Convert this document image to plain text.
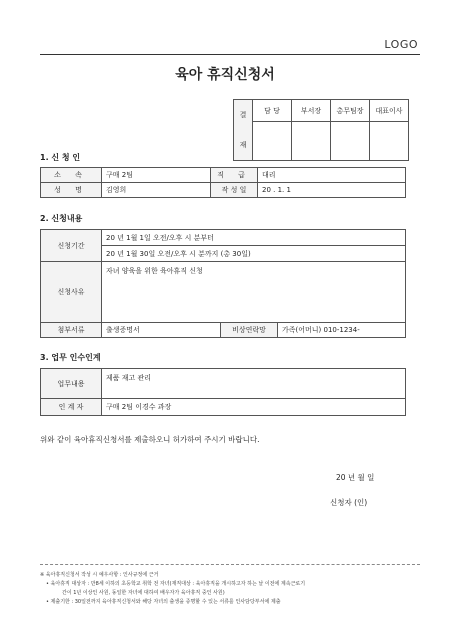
LOGO
육아 휴직신청서
결
재	담 당	부서장	총무팀장	대표이사

1. 신 청 인
소 속	구매 2팀	직 급	대리
성 명	김영희	작 성 일	20 . 1. 1
2. 신청내용
신청기간	20 년 1월 1일 오전/오후 시 분부터		
	20 년 1월 30일 오전/오후 시 분까지 (총 30일)		
신청사유	자녀 양육을 위한 육아휴직 신청		
첨부서류	출생증명서	비상연락망	가족(어머니) 010-1234-
3. 업무 인수인계
업무내용	제품 재고 관리
인 계 자	구매 2팀 이경수 과장
위와 같이 육아휴직신청서를 제출하오니 허가하여 주시기 바랍니다.
20 년 월 일
신청자 (인)
※ 육아휴직신청서 작성 시 예우사항 : 인사규정에 근거
• 육아휴직 대상자 : 만8세 이하의 초등학교 취학 전 자녀(재직대상 : 육아휴직을 개시하고자 하는 날 이전에 계속근로기
간이 1년 이상인 사원, 동일한 자녀에 대하여 배우자가 육아휴직 중인 사원)
• 제출기한 : 30일전까지 육아휴직신청서와 해당 자녀의 출생을 증명할 수 있는 서류를 인사담당부서에 제출
